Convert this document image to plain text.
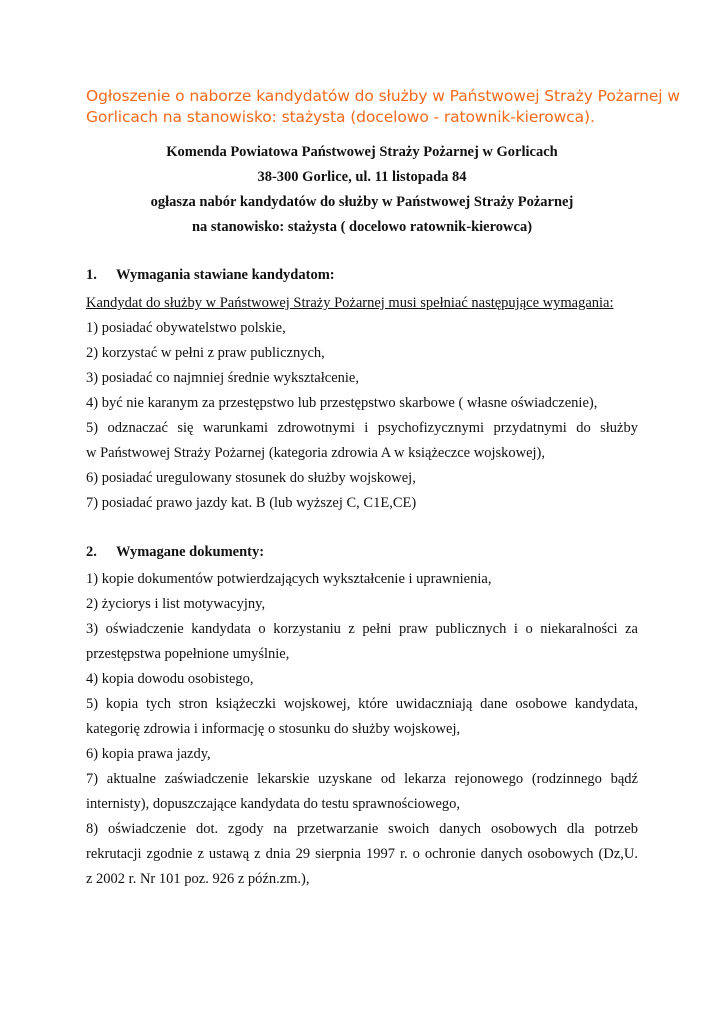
Ogłoszenie o naborze kandydatów do służby w Państwowej Straży Pożarnej w
Gorlicach na stanowisko: stażysta (docelowo - ratownik-kierowca).
Komenda Powiatowa Państwowej Straży Pożarnej w Gorlicach
38-300 Gorlice, ul. 11 listopada 84
ogłasza nabór kandydatów do służby w Państwowej Straży Pożarnej
na stanowisko: stażysta ( docelowo ratownik-kierowca)
1. Wymagania stawiane kandydatom:
Kandydat do służby w Państwowej Straży Pożarnej musi spełniać następujące wymagania:
1) posiadać obywatelstwo polskie,
2) korzystać w pełni z praw publicznych,
3) posiadać co najmniej średnie wykształcenie,
4) być nie karanym za przestępstwo lub przestępstwo skarbowe ( własne oświadczenie),
5) odznaczać się warunkami zdrowotnymi i psychofizycznymi przydatnymi do służby
w Państwowej Straży Pożarnej (kategoria zdrowia A w książeczce wojskowej),
6) posiadać uregulowany stosunek do służby wojskowej,
7) posiadać prawo jazdy kat. B (lub wyższej C, C1E,CE)
2. Wymagane dokumenty:
1) kopie dokumentów potwierdzających wykształcenie i uprawnienia,
2) życiorys i list motywacyjny,
3) oświadczenie kandydata o korzystaniu z pełni praw publicznych i o niekaralności za
przestępstwa popełnione umyślnie,
4) kopia dowodu osobistego,
5) kopia tych stron książeczki wojskowej, które uwidaczniają dane osobowe kandydata,
kategorię zdrowia i informację o stosunku do służby wojskowej,
6) kopia prawa jazdy,
7) aktualne zaświadczenie lekarskie uzyskane od lekarza rejonowego (rodzinnego bądź
internisty), dopuszczające kandydata do testu sprawnościowego,
8) oświadczenie dot. zgody na przetwarzanie swoich danych osobowych dla potrzeb
rekrutacji zgodnie z ustawą z dnia 29 sierpnia 1997 r. o ochronie danych osobowych (Dz,U.
z 2002 r. Nr 101 poz. 926 z późn.zm.),
